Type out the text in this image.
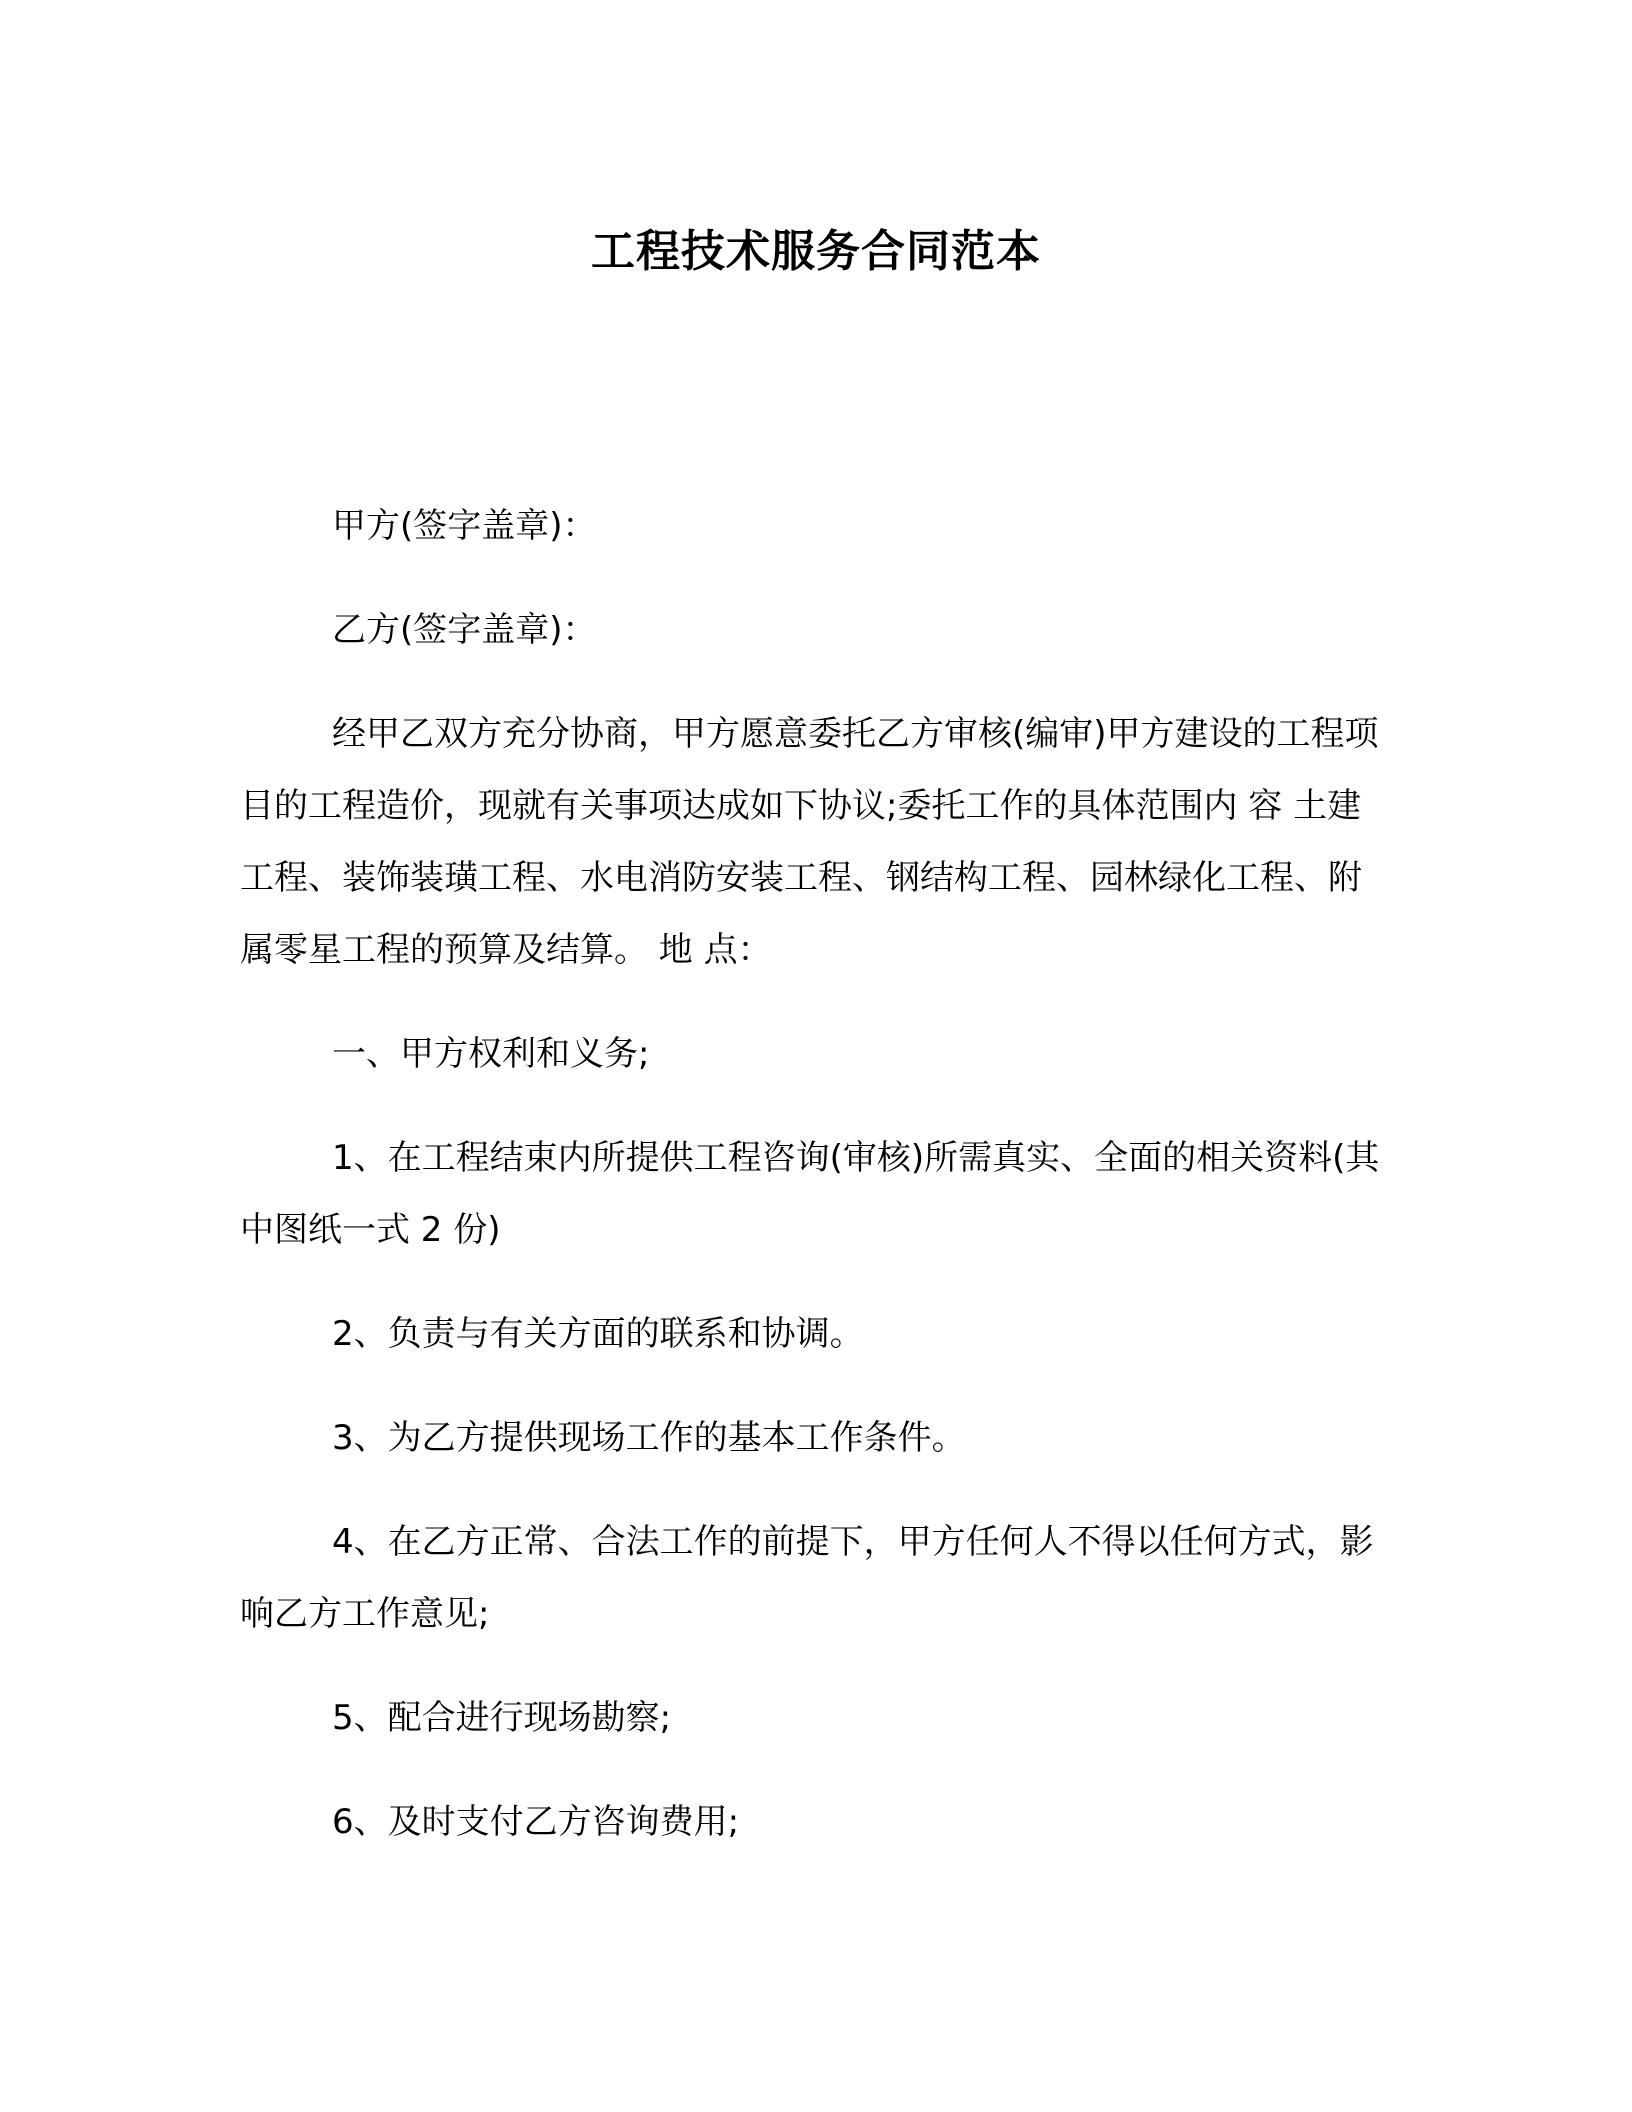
工程技术服务合同范本

甲方(签字盖章)：

乙方(签字盖章)：

经甲乙双方充分协商，甲方愿意委托乙方审核(编审)甲方建设的工程项目的工程造价，现就有关事项达成如下协议;委托工作的具体范围内 容 土建工程、装饰装璜工程、水电消防安装工程、钢结构工程、园林绿化工程、附属零星工程的预算及结算。 地 点：

一、甲方权利和义务;

1、在工程结束内所提供工程咨询(审核)所需真实、全面的相关资料(其中图纸一式 2 份)

2、负责与有关方面的联系和协调。

3、为乙方提供现场工作的基本工作条件。

4、在乙方正常、合法工作的前提下，甲方任何人不得以任何方式，影响乙方工作意见;

5、配合进行现场勘察;

6、及时支付乙方咨询费用;
